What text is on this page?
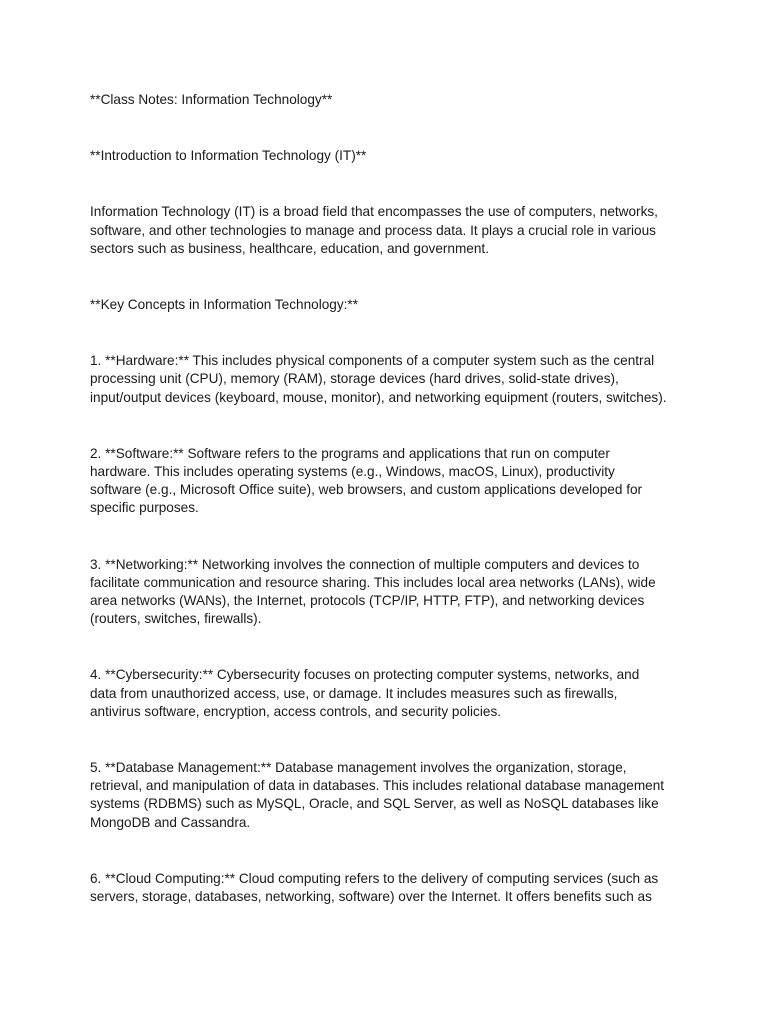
**Class Notes: Information Technology**

**Introduction to Information Technology (IT)**

Information Technology (IT) is a broad field that encompasses the use of computers, networks,
software, and other technologies to manage and process data. It plays a crucial role in various
sectors such as business, healthcare, education, and government.

**Key Concepts in Information Technology:**

1. **Hardware:** This includes physical components of a computer system such as the central
processing unit (CPU), memory (RAM), storage devices (hard drives, solid-state drives),
input/output devices (keyboard, mouse, monitor), and networking equipment (routers, switches).

2. **Software:** Software refers to the programs and applications that run on computer
hardware. This includes operating systems (e.g., Windows, macOS, Linux), productivity
software (e.g., Microsoft Office suite), web browsers, and custom applications developed for
specific purposes.

3. **Networking:** Networking involves the connection of multiple computers and devices to
facilitate communication and resource sharing. This includes local area networks (LANs), wide
area networks (WANs), the Internet, protocols (TCP/IP, HTTP, FTP), and networking devices
(routers, switches, firewalls).

4. **Cybersecurity:** Cybersecurity focuses on protecting computer systems, networks, and
data from unauthorized access, use, or damage. It includes measures such as firewalls,
antivirus software, encryption, access controls, and security policies.

5. **Database Management:** Database management involves the organization, storage,
retrieval, and manipulation of data in databases. This includes relational database management
systems (RDBMS) such as MySQL, Oracle, and SQL Server, as well as NoSQL databases like
MongoDB and Cassandra.

6. **Cloud Computing:** Cloud computing refers to the delivery of computing services (such as
servers, storage, databases, networking, software) over the Internet. It offers benefits such as
